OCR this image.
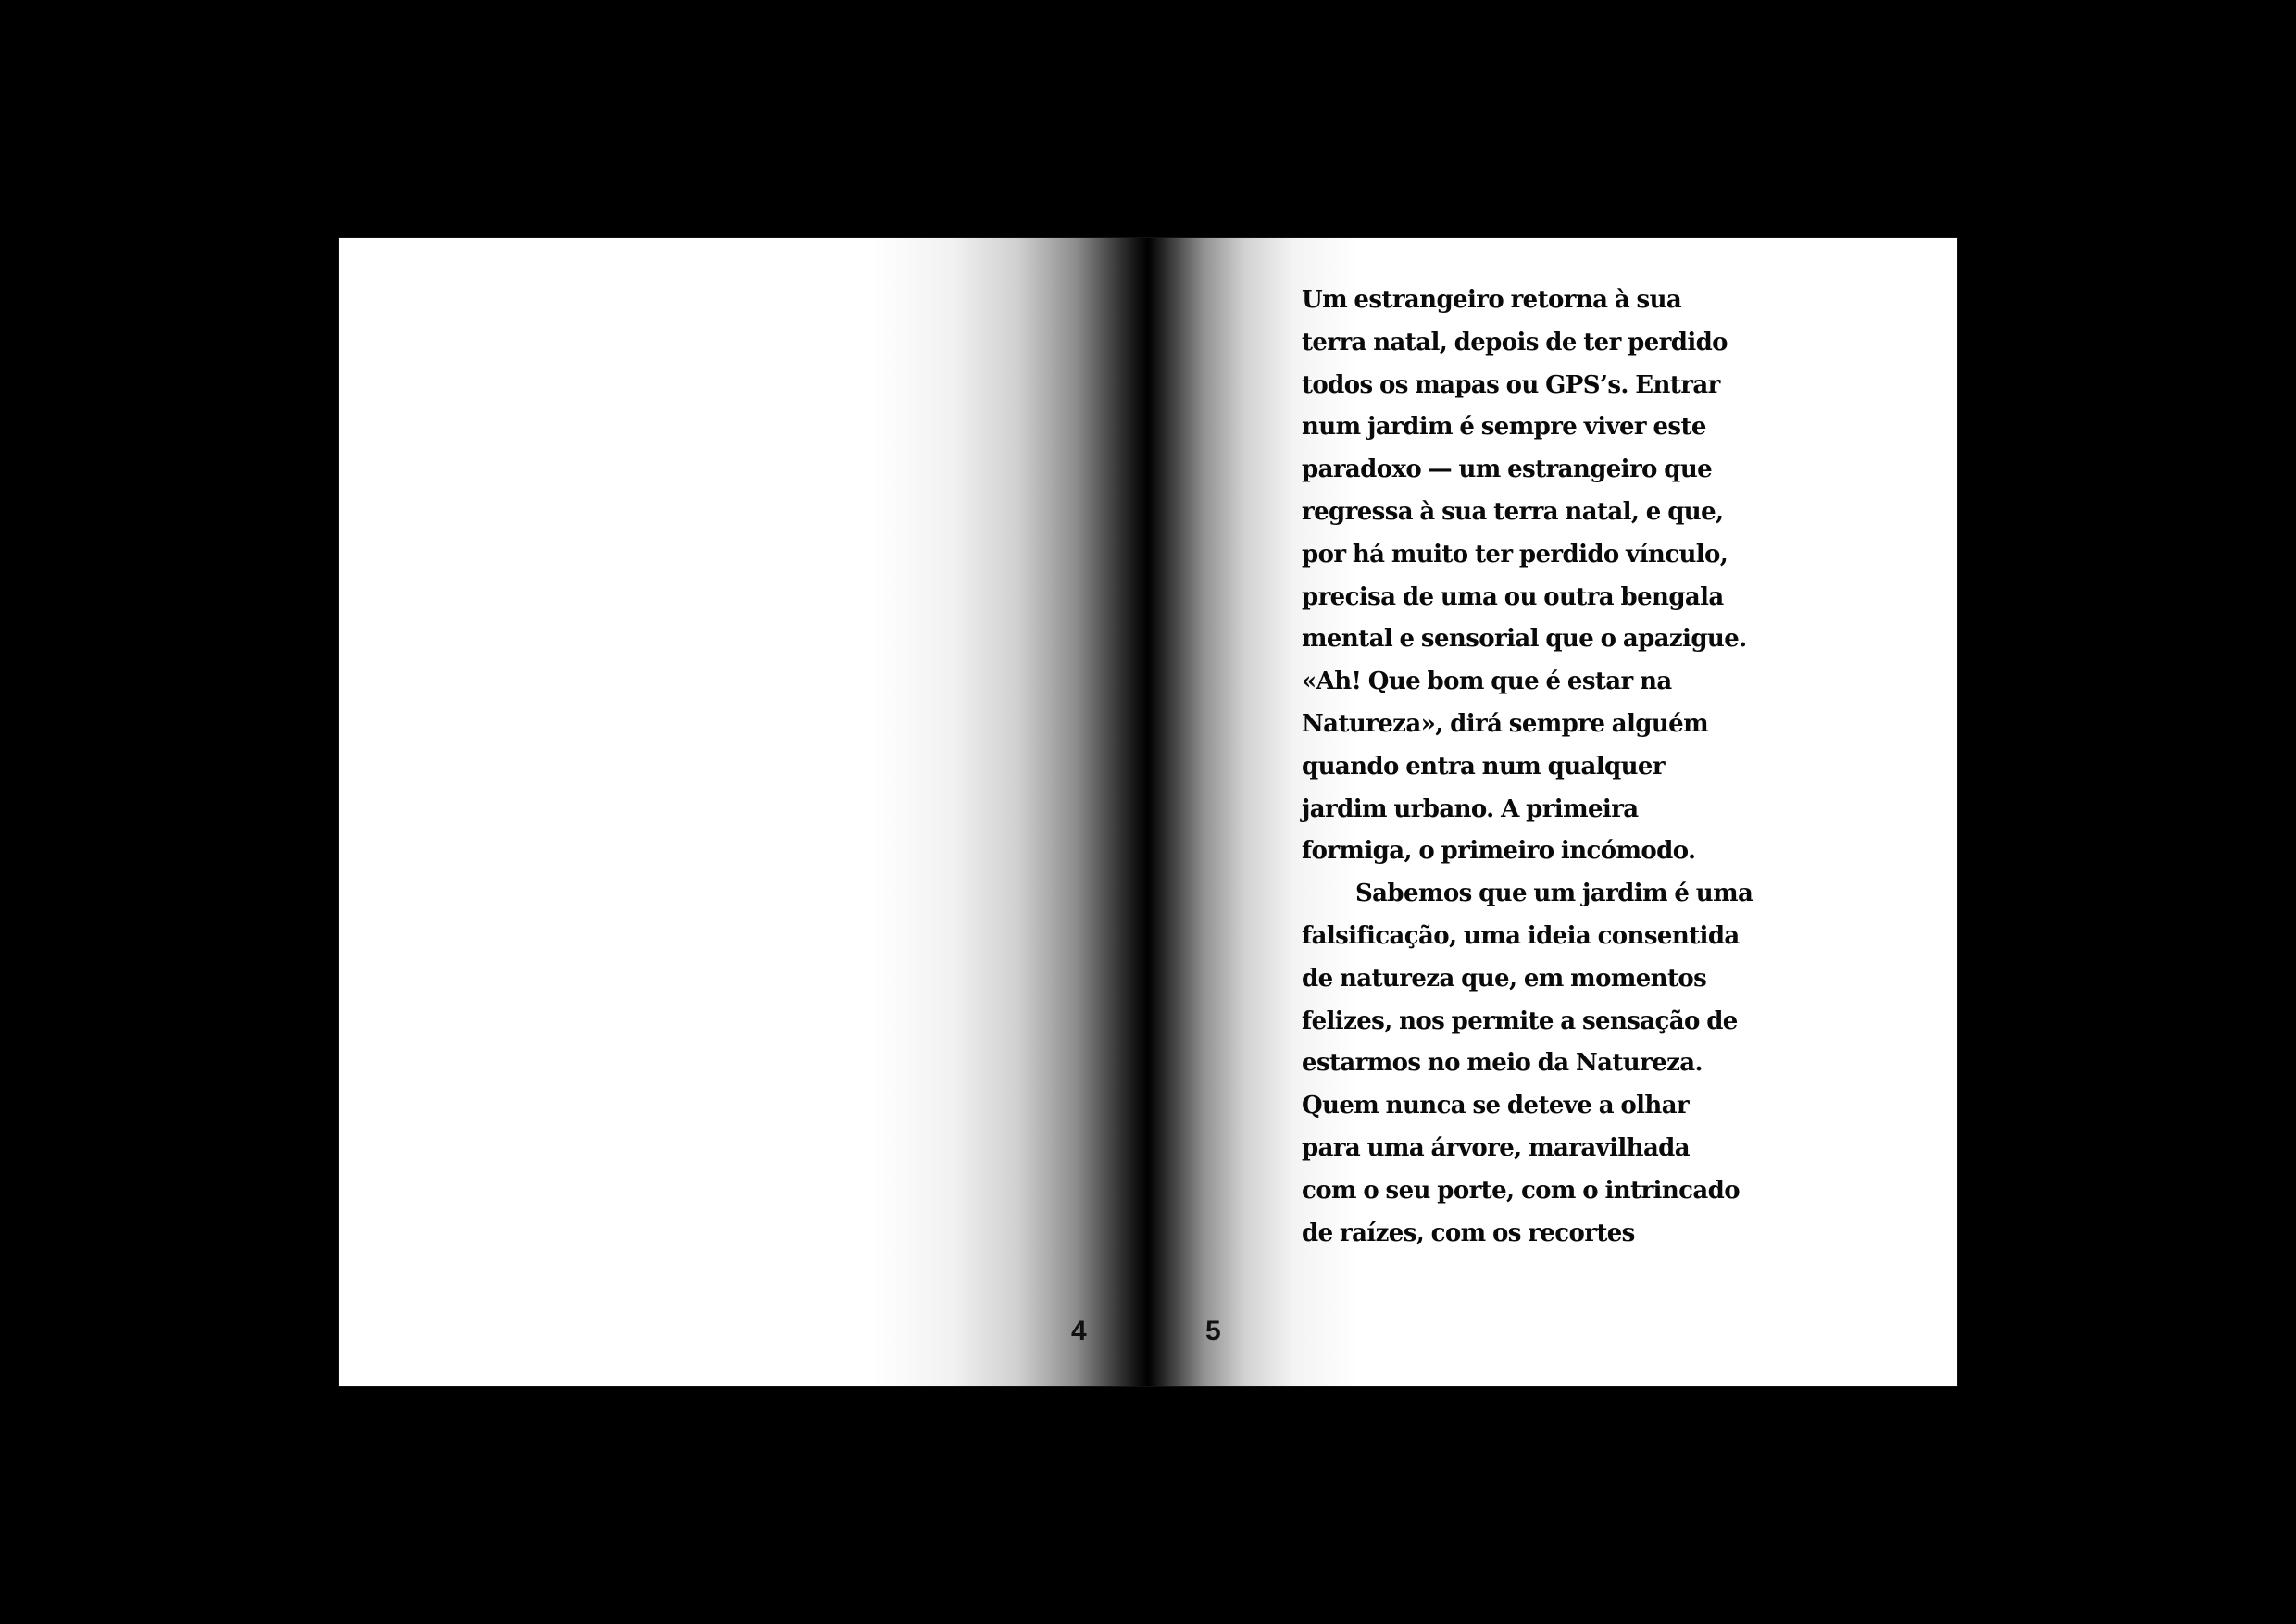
Um estrangeiro retorna à sua
terra natal, depois de ter perdido
todos os mapas ou GPS’s. Entrar
num jardim é sempre viver este
paradoxo — um estrangeiro que
regressa à sua terra natal, e que,
por há muito ter perdido vínculo,
precisa de uma ou outra bengala
mental e sensorial que o apazigue.
«Ah! Que bom que é estar na
Natureza», dirá sempre alguém
quando entra num qualquer
jardim urbano. A primeira
formiga, o primeiro incómodo.
Sabemos que um jardim é uma
falsificação, uma ideia consentida
de natureza que, em momentos
felizes, nos permite a sensação de
estarmos no meio da Natureza.
Quem nunca se deteve a olhar
para uma árvore, maravilhada
com o seu porte, com o intrincado
de raízes, com os recortes
4	5
